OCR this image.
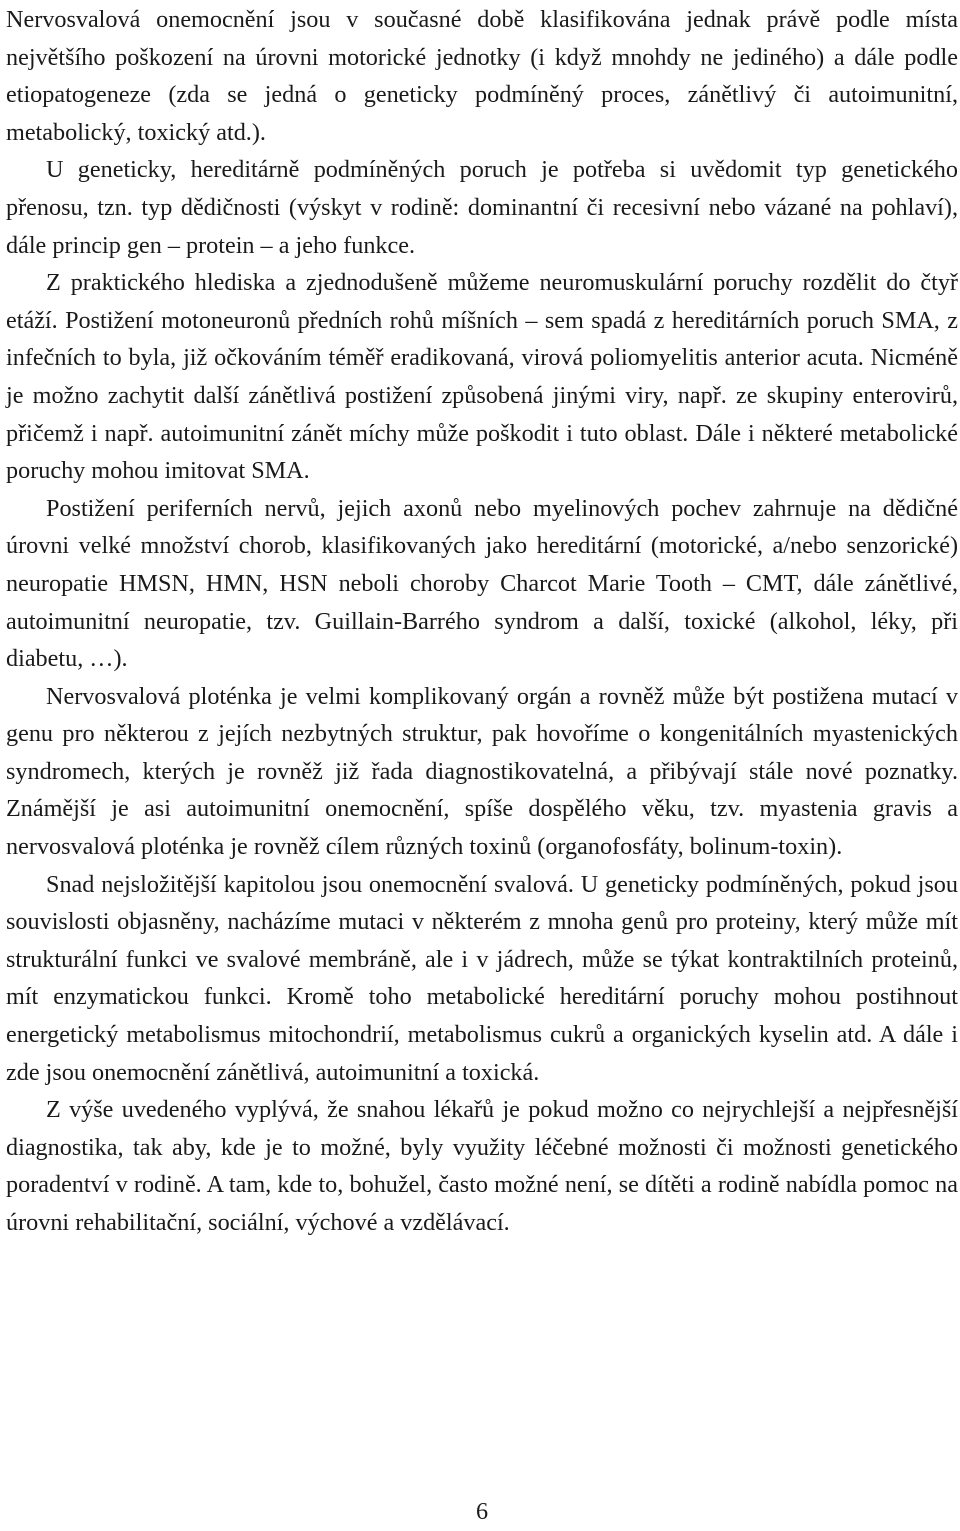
Nervosvalová onemocnění jsou v současné době klasifikována jednak právě podle místa největšího poškození na úrovni motorické jednotky (i když mnohdy ne jediného) a dále podle etiopatogeneze (zda se jedná o geneticky podmíněný proces, zánětlivý či autoimunitní, metabolický, toxický atd.).

U geneticky, hereditárně podmíněných poruch je potřeba si uvědomit typ genetického přenosu, tzn. typ dědičnosti (výskyt v rodině: dominantní či recesivní nebo vázané na pohlaví), dále princip gen – protein – a jeho funkce.

Z praktického hlediska a zjednodušeně můžeme neuromuskulární poruchy rozdělit do čtyř etáží. Postižení motoneuronů předních rohů míšních – sem spadá z hereditárních poruch SMA, z infečních to byla, již očkováním téměř eradikovaná, virová poliomyelitis anterior acuta. Nicméně je možno zachytit další zánětlivá postižení způsobená jinými viry, např. ze skupiny enterovirů, přičemž i např. autoimunitní zánět míchy může poškodit i tuto oblast. Dále i některé metabolické poruchy mohou imitovat SMA.

Postižení periferních nervů, jejich axonů nebo myelinových pochev zahrnuje na dědičné úrovni velké množství chorob, klasifikovaných jako hereditární (motorické, a/nebo senzorické) neuropatie HMSN, HMN, HSN neboli choroby Charcot Marie Tooth – CMT, dále zánětlivé, autoimunitní neuropatie, tzv. Guillain-Barrého syndrom a další, toxické (alkohol, léky, při diabetu, …).

Nervosvalová ploténka je velmi komplikovaný orgán a rovněž může být postižena mutací v genu pro některou z jejích nezbytných struktur, pak hovoříme o kongenitálních myastenických syndromech, kterých je rovněž již řada diagnostikovatelná, a přibývají stále nové poznatky. Známější je asi autoimunitní onemocnění, spíše dospělého věku, tzv. myastenia gravis a nervosvalová ploténka je rovněž cílem různých toxinů (organofosfáty, bolinum-toxin).

Snad nejsložitější kapitolou jsou onemocnění svalová. U geneticky podmíněných, pokud jsou souvislosti objasněny, nacházíme mutaci v některém z mnoha genů pro proteiny, který může mít strukturální funkci ve svalové membráně, ale i v jádrech, může se týkat kontraktilních proteinů, mít enzymatickou funkci. Kromě toho metabolické hereditární poruchy mohou postihnout energetický metabolismus mitochondrií, metabolismus cukrů a organických kyselin atd. A dále i zde jsou onemocnění zánětlivá, autoimunitní a toxická.

Z výše uvedeného vyplývá, že snahou lékařů je pokud možno co nejrychlejší a nejpřesnější diagnostika, tak aby, kde je to možné, byly využity léčebné možnosti či možnosti genetického poradentví v rodině. A tam, kde to, bohužel, často možné není, se dítěti a rodině nabídla pomoc na úrovni rehabilitační, sociální, výchové a vzdělávací.

6
